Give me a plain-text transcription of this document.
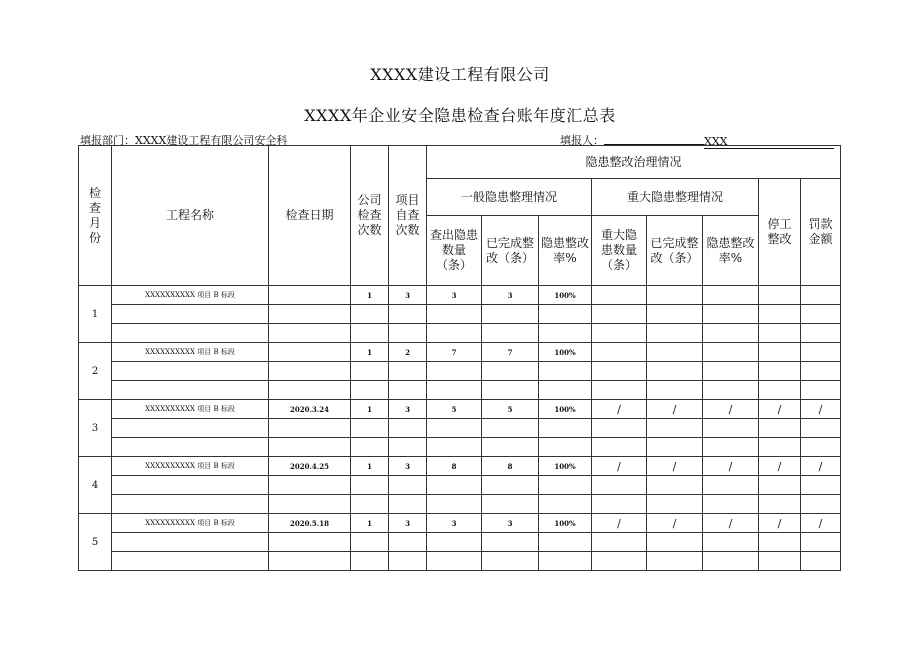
XXXX建设工程有限公司
XXXX年企业安全隐患检查台账年度汇总表
填报部门：XXXX建设工程有限公司安全科	填报人：	XXX
检查月份	工程名称	检查日期	公司检查次数	项目自查次数	隐患整改治理情况							
					一般隐患整理情况			重大隐患整理情况			停工整改	罚款金额
					查出隐患数量（条）	已完成整改（条）	隐患整改率%	重大隐患数量（条）	已完成整改（条）	隐患整改率%		
1	XXXXXXXXXX 项目 B 标段		1	3	3	3	100%					

2	XXXXXXXXXX 项目 B 标段		1	2	7	7	100%					

3	XXXXXXXXXX 项目 B 标段	2020.3.24	1	3	5	5	100%	/	/	/	/	/

4	XXXXXXXXXX 项目 B 标段	2020.4.25	1	3	8	8	100%	/	/	/	/	/

5	XXXXXXXXXX 项目 B 标段	2020.5.18	1	3	3	3	100%	/	/	/	/	/
